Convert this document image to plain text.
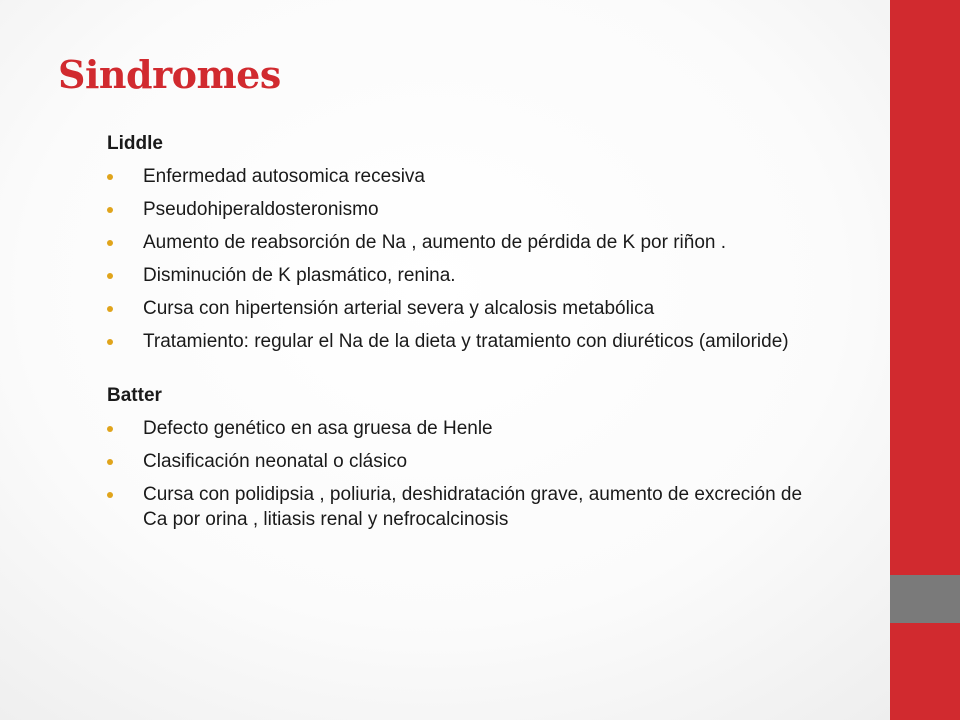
Sindromes
Liddle
Enfermedad autosomica recesiva
Pseudohiperaldosteronismo
Aumento de reabsorción de Na , aumento de pérdida de K por riñon .
Disminución de K plasmático, renina.
Cursa con hipertensión arterial severa y alcalosis metabólica
Tratamiento: regular el Na de la dieta y tratamiento con diuréticos (amiloride)
Batter
Defecto genético en asa gruesa de Henle
Clasificación neonatal o clásico
Cursa con polidipsia , poliuria, deshidratación grave, aumento de excreción de Ca por orina , litiasis renal y nefrocalcinosis
